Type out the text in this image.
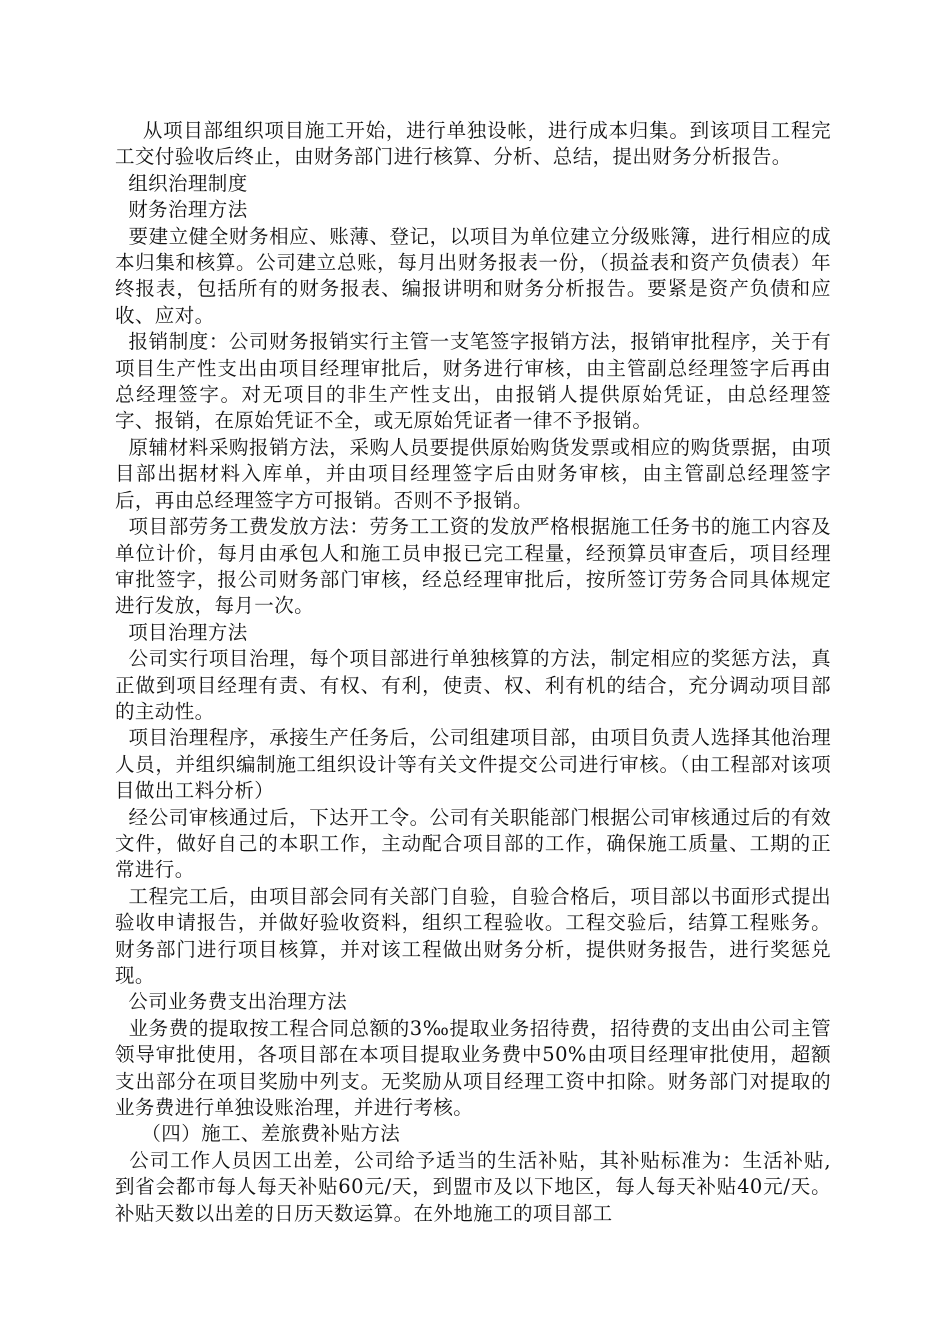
从项目部组织项目施工开始，进行单独设帐，进行成本归集。到该项目工程完工交付验收后终止，由财务部门进行核算、分析、总结，提出财务分析报告。

组织治理制度

财务治理方法

要建立健全财务相应、账薄、登记，以项目为单位建立分级账簿，进行相应的成本归集和核算。公司建立总账，每月出财务报表一份，（损益表和资产负债表）年终报表，包括所有的财务报表、编报讲明和财务分析报告。要紧是资产负债和应收、应对。

报销制度：公司财务报销实行主管一支笔签字报销方法，报销审批程序，关于有项目生产性支出由项目经理审批后，财务进行审核，由主管副总经理签字后再由总经理签字。对无项目的非生产性支出，由报销人提供原始凭证，由总经理签字、报销，在原始凭证不全，或无原始凭证者一律不予报销。

原辅材料采购报销方法，采购人员要提供原始购货发票或相应的购货票据，由项目部出据材料入库单，并由项目经理签字后由财务审核，由主管副总经理签字后，再由总经理签字方可报销。否则不予报销。

项目部劳务工费发放方法：劳务工工资的发放严格根据施工任务书的施工内容及单位计价，每月由承包人和施工员申报已完工程量，经预算员审查后，项目经理审批签字，报公司财务部门审核，经总经理审批后，按所签订劳务合同具体规定进行发放，每月一次。

项目治理方法

公司实行项目治理，每个项目部进行单独核算的方法，制定相应的奖惩方法，真正做到项目经理有责、有权、有利，使责、权、利有机的结合，充分调动项目部的主动性。

项目治理程序，承接生产任务后，公司组建项目部，由项目负责人选择其他治理人员，并组织编制施工组织设计等有关文件提交公司进行审核。（由工程部对该项目做出工料分析）

经公司审核通过后，下达开工令。公司有关职能部门根据公司审核通过后的有效文件，做好自己的本职工作，主动配合项目部的工作，确保施工质量、工期的正常进行。

工程完工后，由项目部会同有关部门自验，自验合格后，项目部以书面形式提出验收申请报告，并做好验收资料，组织工程验收。工程交验后，结算工程账务。财务部门进行项目核算，并对该工程做出财务分析，提供财务报告，进行奖惩兑现。

公司业务费支出治理方法

业务费的提取按工程合同总额的3‰提取业务招待费，招待费的支出由公司主管领导审批使用，各项目部在本项目提取业务费中50%由项目经理审批使用，超额支出部分在项目奖励中列支。无奖励从项目经理工资中扣除。财务部门对提取的业务费进行单独设账治理，并进行考核。

（四）施工、差旅费补贴方法

公司工作人员因工出差，公司给予适当的生活补贴，其补贴标准为：生活补贴,到省会都市每人每天补贴60元/天，到盟市及以下地区，每人每天补贴40元/天。补贴天数以出差的日历天数运算。在外地施工的项目部工
